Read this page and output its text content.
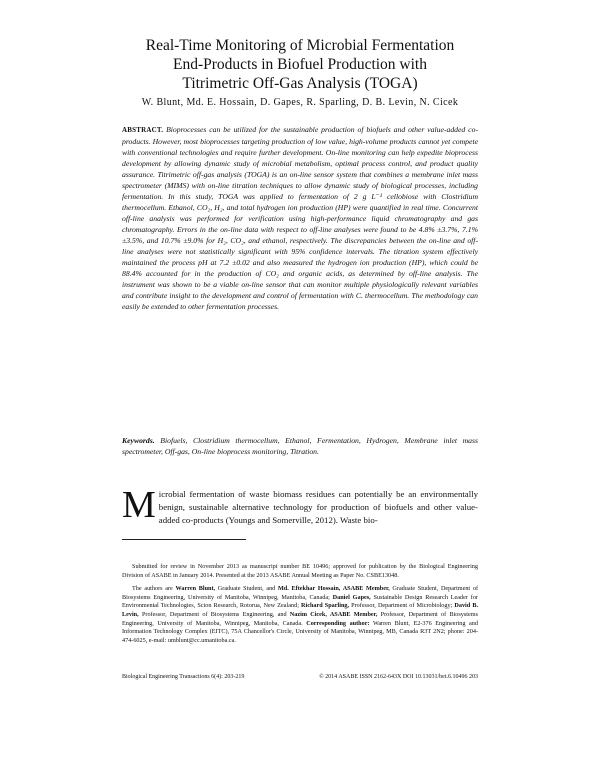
Real-Time Monitoring of Microbial Fermentation
End-Products in Biofuel Production with
Titrimetric Off-Gas Analysis (TOGA)
W. Blunt, Md. E. Hossain, D. Gapes, R. Sparling, D. B. Levin, N. Cicek
ABSTRACT. Bioprocesses can be utilized for the sustainable production of biofuels and other value-added co-products. However, most bioprocesses targeting production of low value, high-volume products cannot yet compete with conventional technologies and require further development. On-line monitoring can help expedite bioprocess development by allowing dynamic study of microbial metabolism, optimal process control, and product quality assurance. Titrimetric off-gas analysis (TOGA) is an on-line sensor system that combines a membrane inlet mass spectrometer (MIMS) with on-line titration techniques to allow dynamic study of biological processes, including fermentation. In this study, TOGA was applied to fermentation of 2 g L⁻¹ cellobiose with Clostridium thermocellum. Ethanol, CO₂, H₂, and total hydrogen ion production (HP) were quantified in real time. Concurrent off-line analysis was performed for verification using high-performance liquid chromatography and gas chromatography. Errors in the on-line data with respect to off-line analyses were found to be 4.8% ±3.7%, 7.1% ±3.5%, and 10.7% ±9.0% for H₂, CO₂, and ethanol, respectively. The discrepancies between the on-line and off-line analyses were not statistically significant with 95% confidence intervals. The titration system effectively maintained the process pH at 7.2 ±0.02 and also measured the hydrogen ion production (HP), which could be 88.4% accounted for in the production of CO₂ and organic acids, as determined by off-line analysis. The instrument was shown to be a viable on-line sensor that can monitor multiple physiologically relevant variables and contribute insight to the development and control of fermentation with C. thermocellum. The methodology can easily be extended to other fermentation processes.
Keywords. Biofuels, Clostridium thermocellum, Ethanol, Fermentation, Hydrogen, Membrane inlet mass spectrometer, Off-gas, On-line bioprocess monitoring, Titration.
Microbial fermentation of waste biomass residues can potentially be an environmentally benign, sustainable alternative technology for production of biofuels and other value-added co-products (Youngs and Somerville, 2012). Waste bio-

Submitted for review in November 2013 as manuscript number BE 10496; approved for publication by the Biological Engineering Division of ASABE in January 2014. Presented at the 2013 ASABE Annual Meeting as Paper No. CSBE13048.

The authors are Warren Blunt, Graduate Student, and Md. Eftekhar Hossain, ASABE Member, Graduate Student, Department of Biosystems Engineering, University of Manitoba, Winnipeg, Manitoba, Canada; Daniel Gapes, Sustainable Design Research Leader for Environmental Technologies, Scion Research, Rotorua, New Zealand; Richard Sparling, Professor, Department of Microbiology; David B. Levin, Professor, Department of Biosystems Engineering, and Nazim Cicek, ASABE Member, Professor, Department of Biosystems Engineering, University of Manitoba, Winnipeg, Manitoba, Canada. Corresponding author: Warren Blunt, E2-376 Engineering and Information Technology Complex (EITC), 75A Chancellor's Circle, University of Manitoba, Winnipeg, MB, Canada R3T 2N2; phone: 204-474-6025, e-mail: umblunt@cc.umanitoba.ca.

Biological Engineering Transactions 6(4): 203-219	© 2014 ASABE ISSN 2162-643X DOI 10.13031/bet.6.10496 203
